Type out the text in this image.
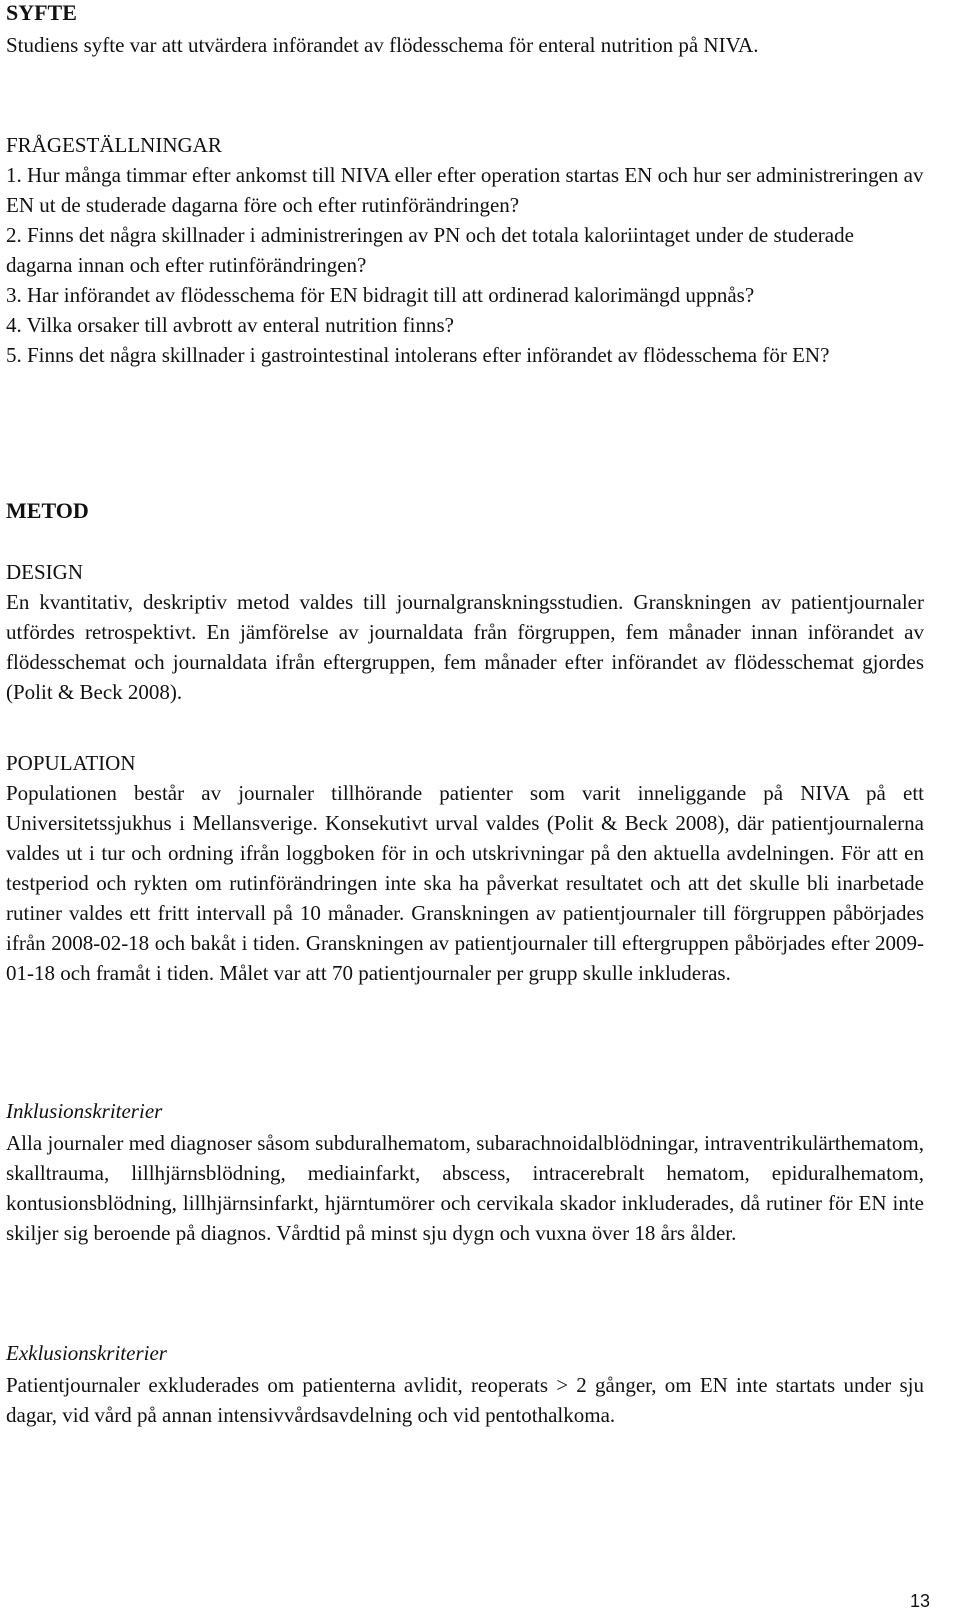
SYFTE

Studiens syfte var att utvärdera införandet av flödesschema för enteral nutrition på NIVA.

FRÅGESTÄLLNINGAR

1. Hur många timmar efter ankomst till NIVA eller efter operation startas EN och hur ser administreringen av EN ut de studerade dagarna före och efter rutinförändringen?

2. Finns det några skillnader i administreringen av PN och det totala kaloriintaget under de studerade dagarna innan och efter rutinförändringen?

3. Har införandet av flödesschema för EN bidragit till att ordinerad kalorimängd uppnås?

4. Vilka orsaker till avbrott av enteral nutrition finns?

5. Finns det några skillnader i gastrointestinal intolerans efter införandet av flödesschema för EN?

METOD

DESIGN

En kvantitativ, deskriptiv metod valdes till journalgranskningsstudien. Granskningen av patientjournaler utfördes retrospektivt. En jämförelse av journaldata från förgruppen, fem månader innan införandet av flödesschemat och journaldata ifrån eftergruppen, fem månader efter införandet av flödesschemat gjordes (Polit & Beck 2008).

POPULATION

Populationen består av journaler tillhörande patienter som varit inneliggande på NIVA på ett Universitetssjukhus i Mellansverige. Konsekutivt urval valdes (Polit & Beck 2008), där patientjournalerna valdes ut i tur och ordning ifrån loggboken för in och utskrivningar på den aktuella avdelningen. För att en testperiod och rykten om rutinförändringen inte ska ha påverkat resultatet och att det skulle bli inarbetade rutiner valdes ett fritt intervall på 10 månader. Granskningen av patientjournaler till förgruppen påbörjades ifrån 2008-02-18 och bakåt i tiden. Granskningen av patientjournaler till eftergruppen påbörjades efter 2009-01-18 och framåt i tiden. Målet var att 70 patientjournaler per grupp skulle inkluderas.

Inklusionskriterier

Alla journaler med diagnoser såsom subduralhematom, subarachnoidalblödningar, intraventrikulärthematom, skalltrauma, lillhjärnsblödning, mediainfarkt, abscess, intracerebralt hematom, epiduralhematom, kontusionsblödning, lillhjärnsinfarkt, hjärntumörer och cervikala skador inkluderades, då rutiner för EN inte skiljer sig beroende på diagnos. Vårdtid på minst sju dygn och vuxna över 18 års ålder.

Exklusionskriterier

Patientjournaler exkluderades om patienterna avlidit, reoperats > 2 gånger, om EN inte startats under sju dagar, vid vård på annan intensivvårdsavdelning och vid pentothalkoma.

13
